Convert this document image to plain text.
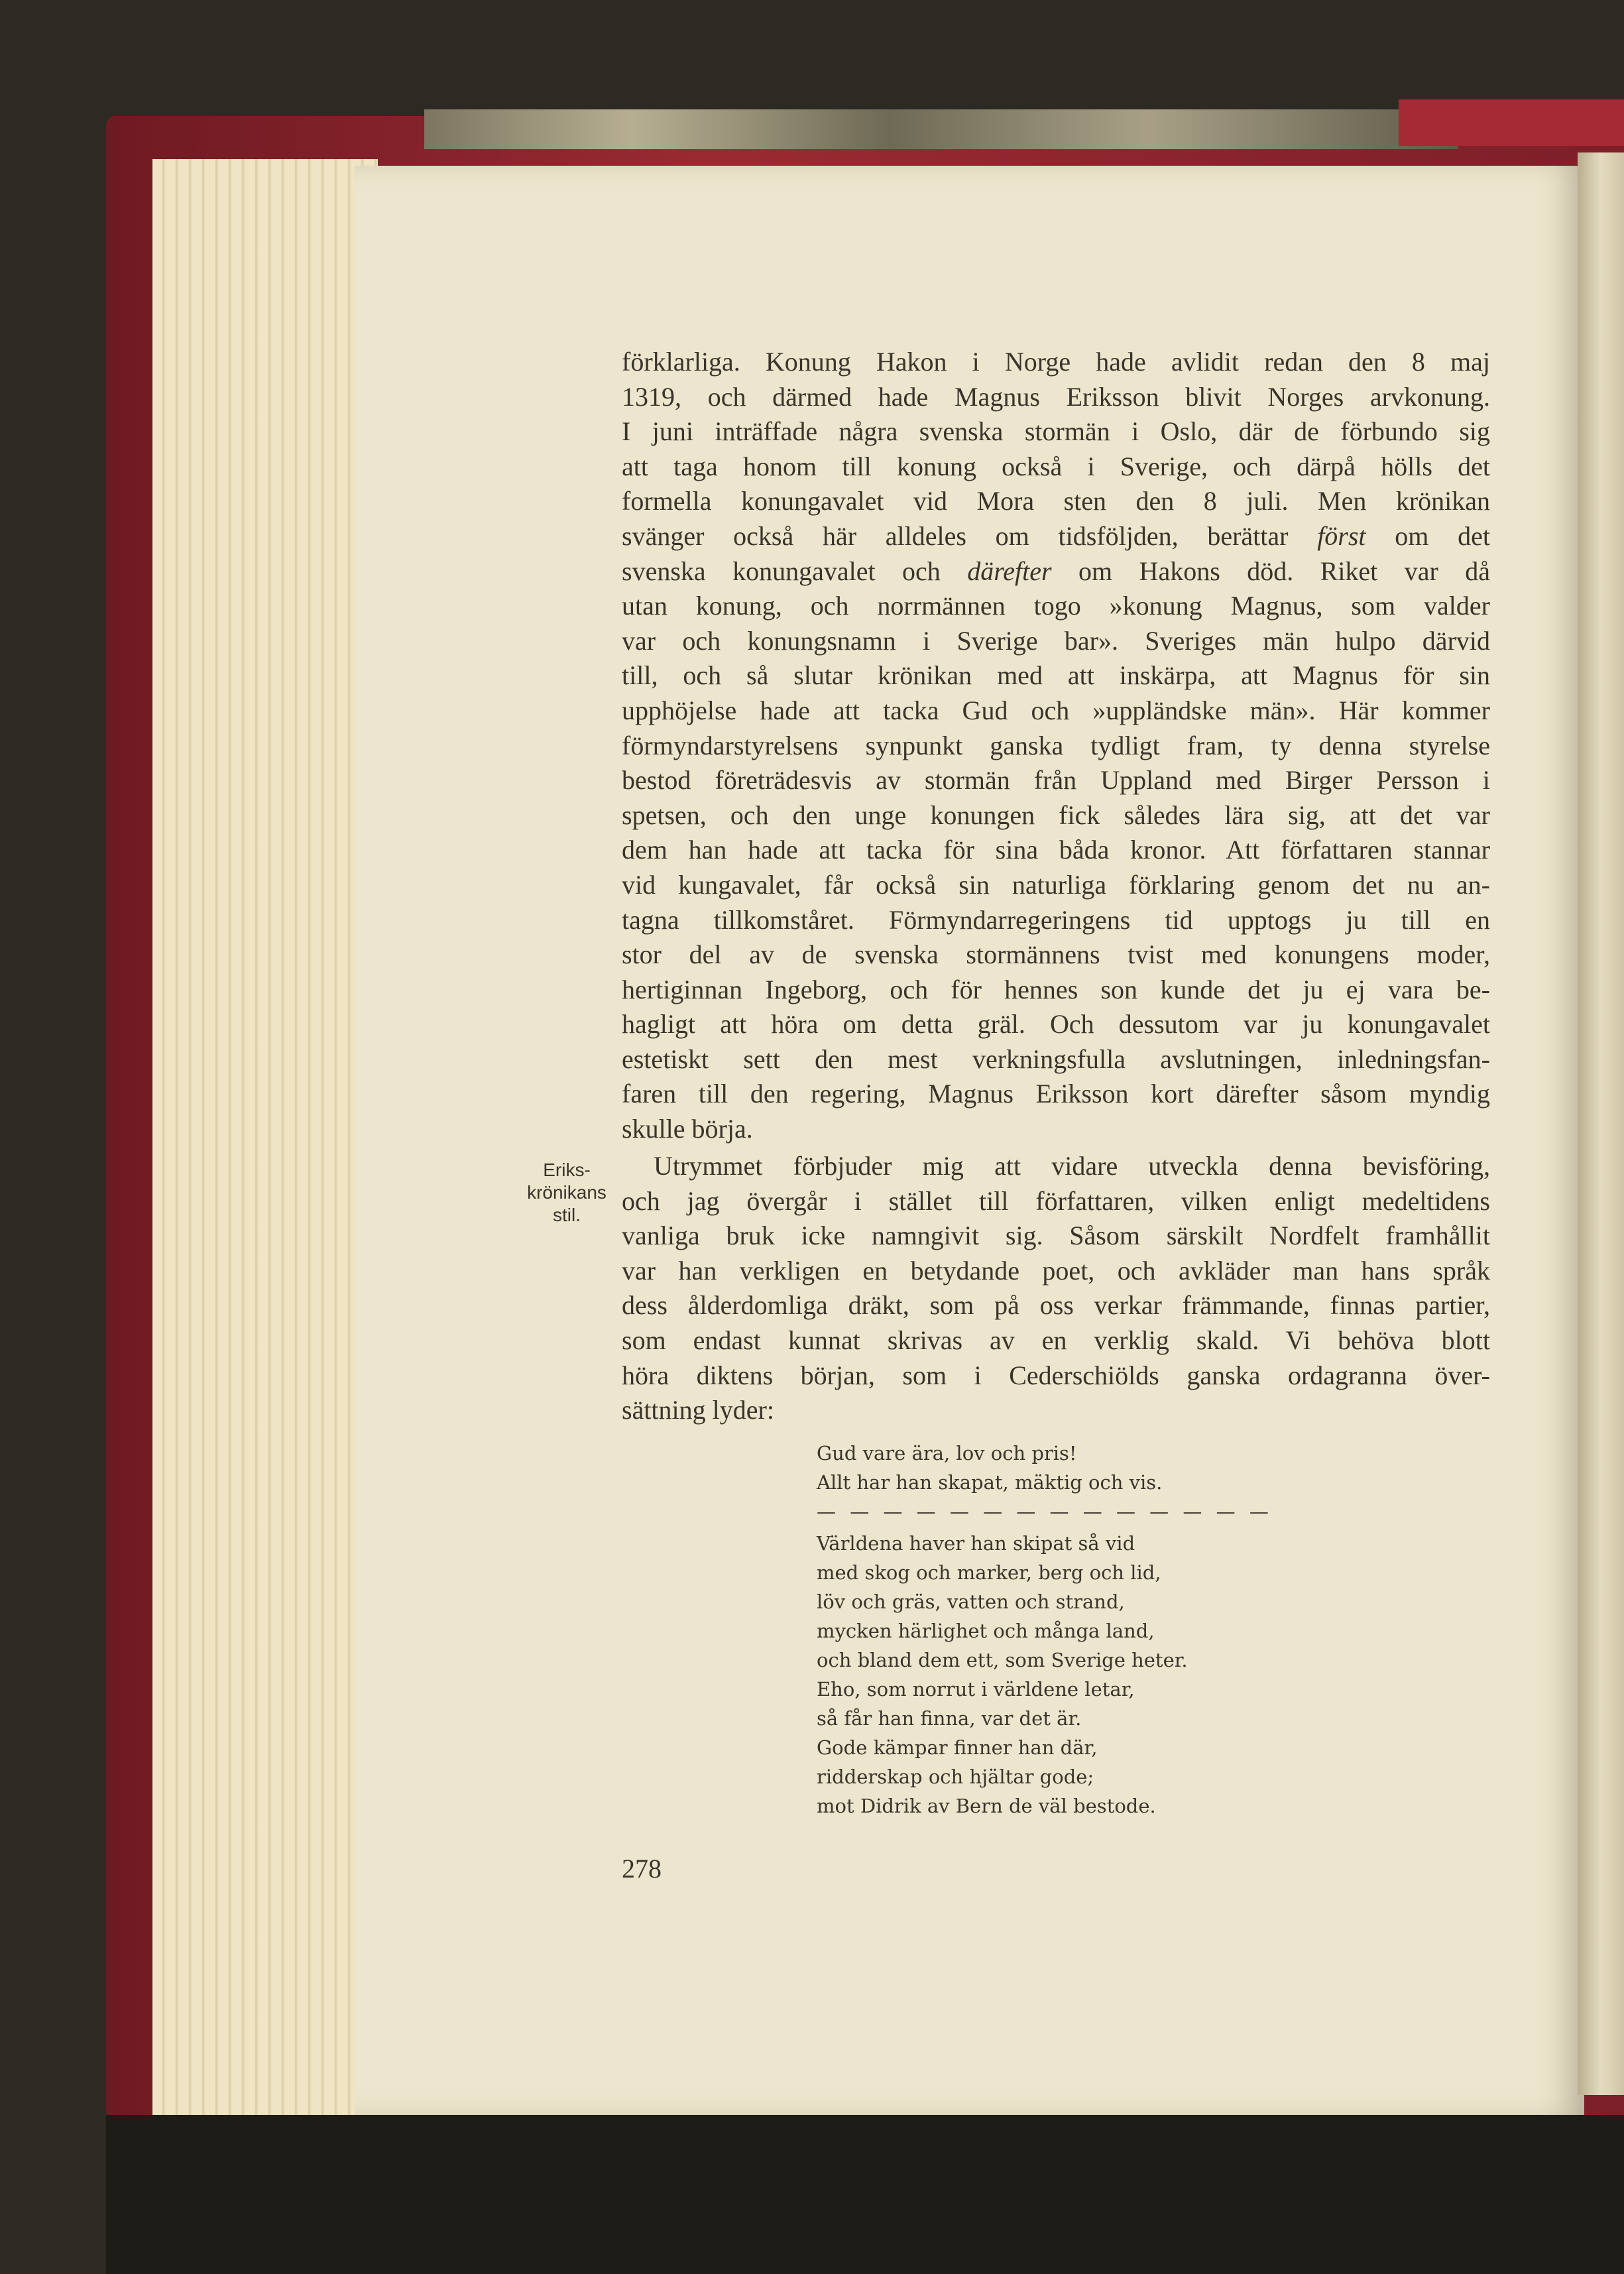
förklarliga. Konung Hakon i Norge hade avlidit redan den 8 maj
1319, och därmed hade Magnus Eriksson blivit Norges arvkonung.
I juni inträffade några svenska stormän i Oslo, där de förbundo sig
att taga honom till konung också i Sverige, och därpå hölls det
formella konungavalet vid Mora sten den 8 juli. Men krönikan
svänger också här alldeles om tidsföljden, berättar först om det
svenska konungavalet och därefter om Hakons död. Riket var då
utan konung, och norrmännen togo »konung Magnus, som valder
var och konungsnamn i Sverige bar». Sveriges män hulpo därvid
till, och så slutar krönikan med att inskärpa, att Magnus för sin
upphöjelse hade att tacka Gud och »uppländske män». Här kommer
förmyndarstyrelsens synpunkt ganska tydligt fram, ty denna styrelse
bestod företrädesvis av stormän från Uppland med Birger Persson i
spetsen, och den unge konungen fick således lära sig, att det var
dem han hade att tacka för sina båda kronor. Att författaren stannar
vid kungavalet, får också sin naturliga förklaring genom det nu an-
tagna tillkomståret. Förmyndarregeringens tid upptogs ju till en
stor del av de svenska stormännens tvist med konungens moder,
hertiginnan Ingeborg, och för hennes son kunde det ju ej vara be-
hagligt att höra om detta gräl. Och dessutom var ju konungavalet
estetiskt sett den mest verkningsfulla avslutningen, inledningsfan-
faren till den regering, Magnus Eriksson kort därefter såsom myndig
skulle börja.
Eriks-
krönikans
stil.
Utrymmet förbjuder mig att vidare utveckla denna bevisföring,
och jag övergår i stället till författaren, vilken enligt medeltidens
vanliga bruk icke namngivit sig. Såsom särskilt Nordfelt framhållit
var han verkligen en betydande poet, och avkläder man hans språk
dess ålderdomliga dräkt, som på oss verkar främmande, finnas partier,
som endast kunnat skrivas av en verklig skald. Vi behöva blott
höra diktens början, som i Cederschiölds ganska ordagranna över-
sättning lyder:
Gud vare ära, lov och pris!
Allt har han skapat, mäktig och vis.
— — — — — — — — — — — — — —
Världena haver han skipat så vid
med skog och marker, berg och lid,
löv och gräs, vatten och strand,
mycken härlighet och många land,
och bland dem ett, som Sverige heter.
Eho, som norrut i världene letar,
så får han finna, var det är.
Gode kämpar finner han där,
ridderskap och hjältar gode;
mot Didrik av Bern de väl bestode.
278
